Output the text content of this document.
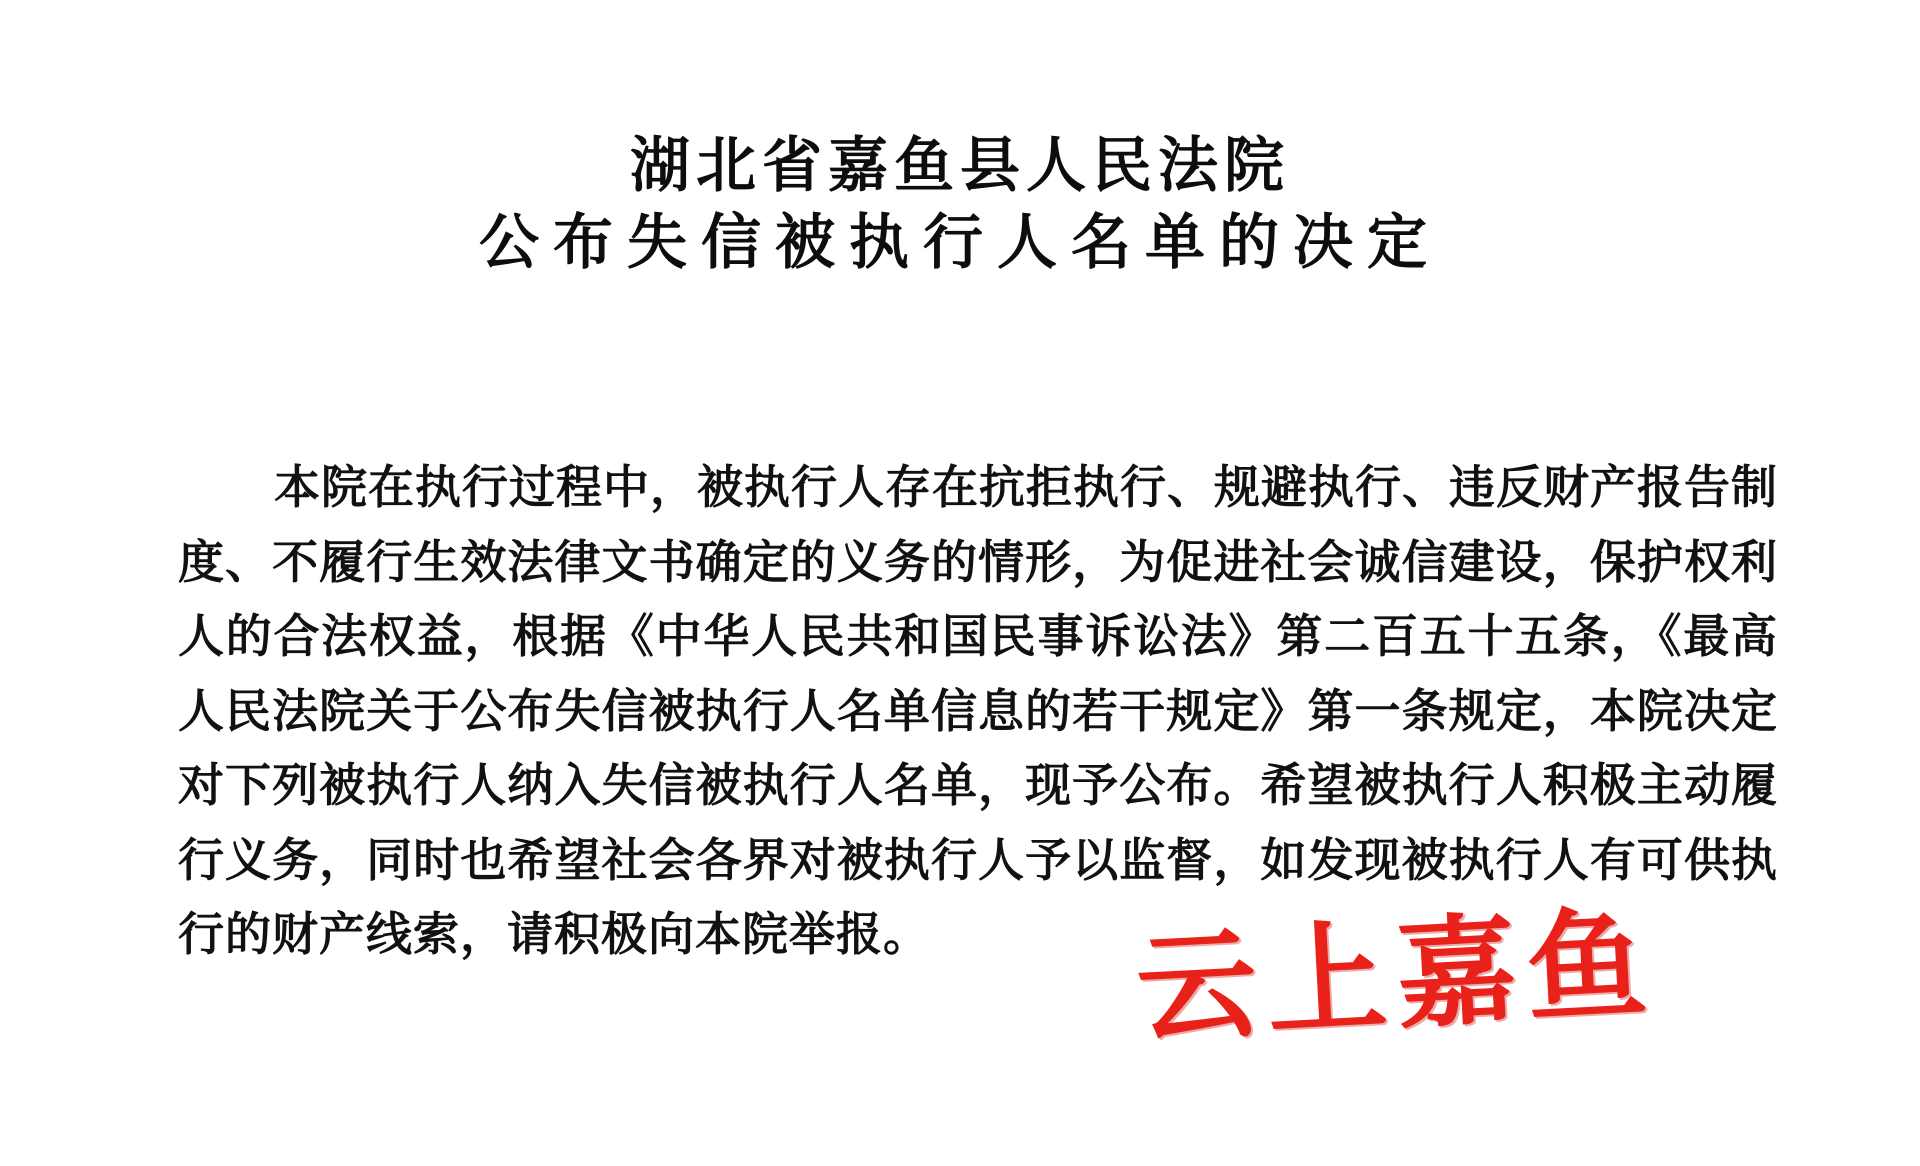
湖北省嘉鱼县人民法院
公布失信被执行人名单的决定

本院在执行过程中，被执行人存在抗拒执行、规避执行、违反财产报告制度、不履行生效法律文书确定的义务的情形，为促进社会诚信建设，保护权利人的合法权益，根据《中华人民共和国民事诉讼法》第二百五十五条，《最高人民法院关于公布失信被执行人名单信息的若干规定》第一条规定，本院决定对下列被执行人纳入失信被执行人名单，现予公布。希望被执行人积极主动履行义务，同时也希望社会各界对被执行人予以监督，如发现被执行人有可供执行的财产线索，请积极向本院举报。	云上嘉鱼
